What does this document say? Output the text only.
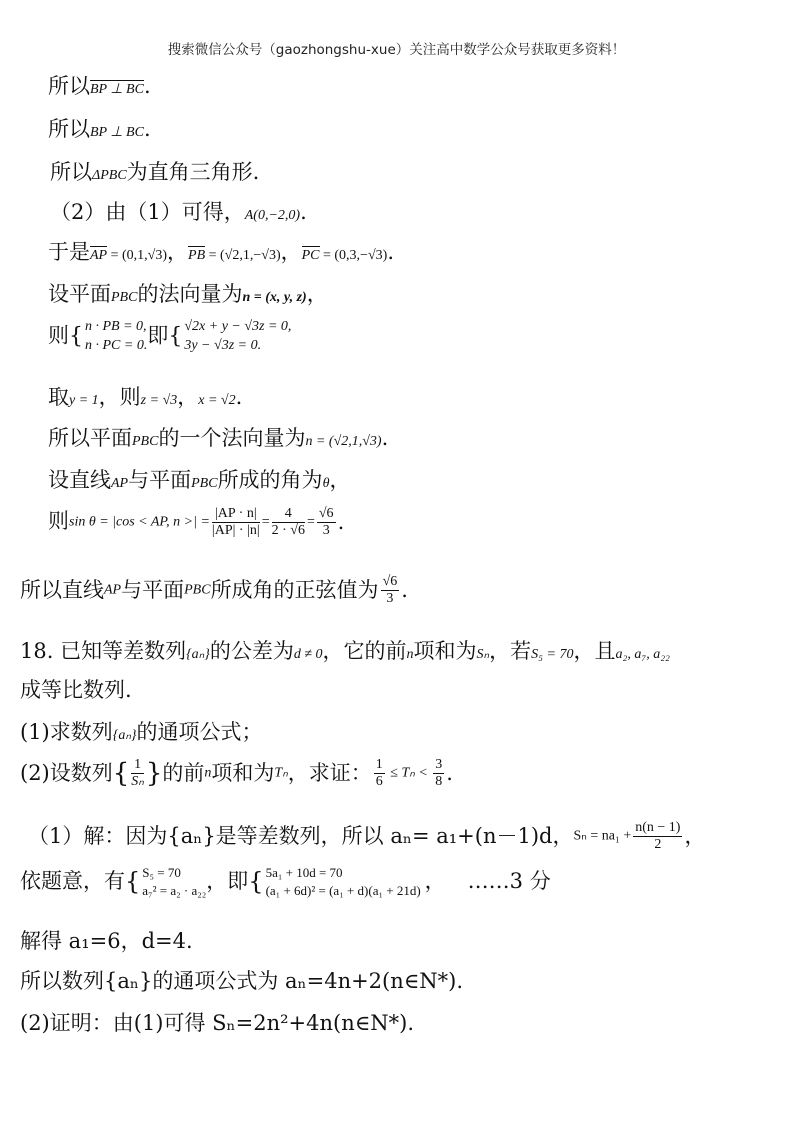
搜索微信公众号（gaozhongshu-xue）关注高中数学公众号获取更多资料！
所以BP ⊥ BC.
所以BP ⊥ BC.
所以ΔPBC为直角三角形.
（2）由（1）可得，A(0,−2,0).
于是AP = (0,1,√3)，PB = (√2,1,−√3)，PC = (0,3,−√3).
设平面PBC的法向量为n = (x, y, z)，
则{ n · PB = 0,
n · PC = 0. 即{ √2x + y − √3z = 0,
3y − √3z = 0.
取y = 1，则z = √3，x = √2.
所以平面PBC的一个法向量为n = (√2,1,√3).
设直线AP与平面PBC所成的角为θ，
则sin θ = |cos < AP, n >| = $\frac{|AP \cdot n|}{|AP| \cdot |n|} = \frac{4}{2 \cdot √6} = \frac{√6}{3}$ .
所以直线AP与平面PBC所成角的正弦值为 $\frac{√6}{3}$ .
18. 已知等差数列{aₙ}的公差为d ≠ 0，它的前n项和为Sₙ，若S₅ = 70，且a₂, a₇, a₂₂
成等比数列.
(1)求数列{aₙ}的通项公式；
(2)设数列{ $\frac{1}{\text{Sₙ}}$ }的前n项和为Tₙ，求证： $\frac{1}{6} \le T_n < \frac{3}{8}$ .
（1）解：因为{aₙ}是等差数列，所以 aₙ= a₁+(n－1)d，$S_n = na_1 + \frac{n(n - 1)}{2}$ ，
依题意，有{ S₅ = 70
a₇² = a₂ · a₂₂ ，即{ 5a₁ + 10d = 70
(a₁ + 6d)² = (a₁ + d)(a₁ + 21d) ， ……3 分
解得 a₁=6，d=4.
所以数列{aₙ}的通项公式为 aₙ=4n+2(n∈N*).
(2)证明：由(1)可得 Sₙ=2n²+4n(n∈N*).
